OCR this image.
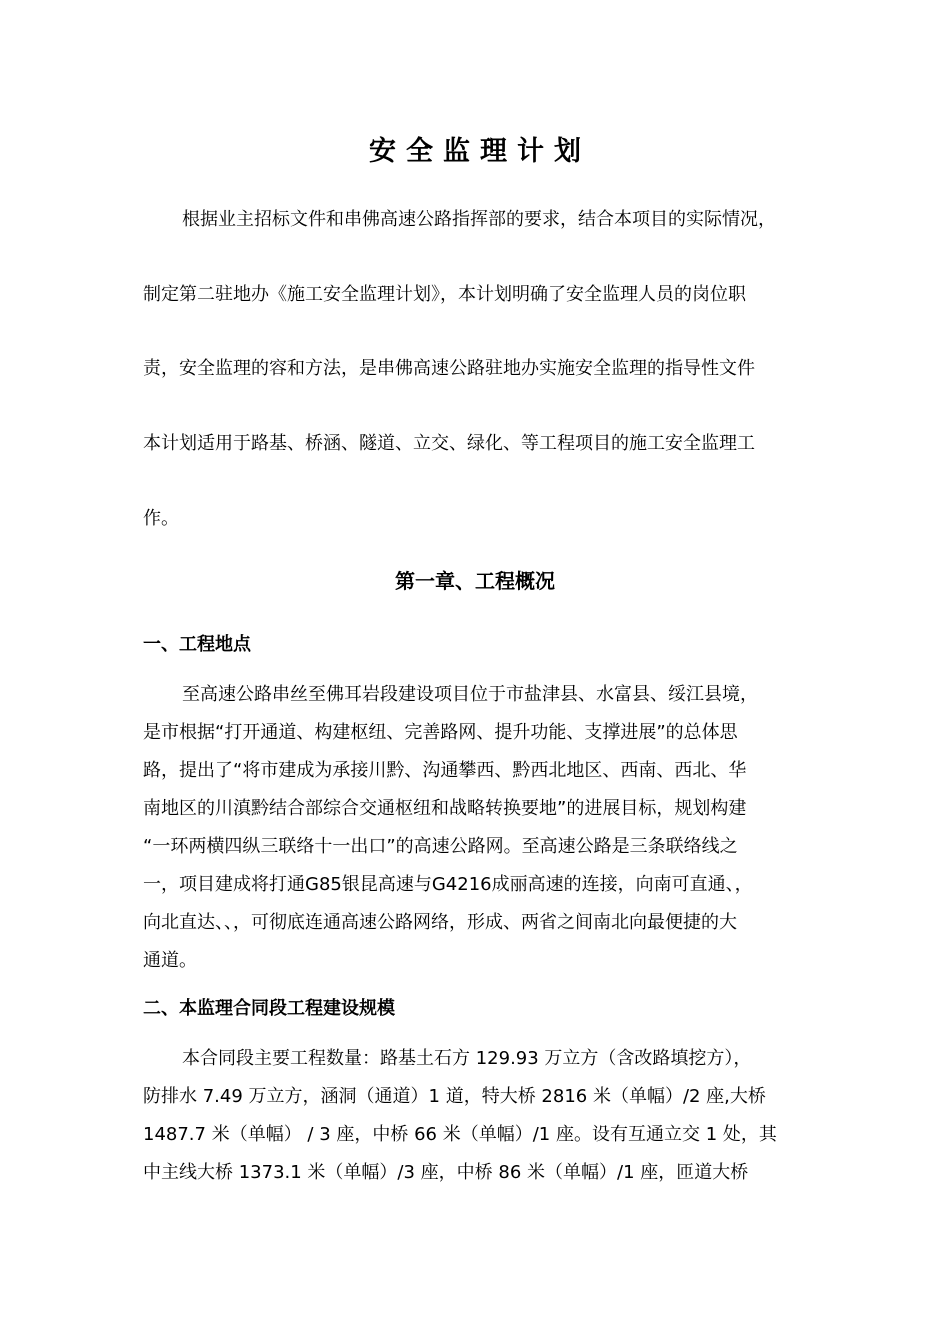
安全监理计划

根据业主招标文件和串佛高速公路指挥部的要求，结合本项目的实际情况，

制定第二驻地办《施工安全监理计划》，本计划明确了安全监理人员的岗位职

责，安全监理的容和方法，是串佛高速公路驻地办实施安全监理的指导性文件

本计划适用于路基、桥涵、隧道、立交、绿化、等工程项目的施工安全监理工

作。

第一章、工程概况
一、工程地点

至高速公路串丝至佛耳岩段建设项目位于市盐津县、水富县、绥江县境，

是市根据“打开通道、构建枢纽、完善路网、提升功能、支撑进展”的总体思

路，提出了“将市建成为承接川黔、沟通攀西、黔西北地区、西南、西北、华

南地区的川滇黔结合部综合交通枢纽和战略转换要地”的进展目标，规划构建

“一环两横四纵三联络十一出口”的高速公路网。至高速公路是三条联络线之

一，项目建成将打通G85银昆高速与G4216成丽高速的连接，向南可直通、，

向北直达、、，可彻底连通高速公路网络，形成、两省之间南北向最便捷的大

通道。

二、本监理合同段工程建设规模

本合同段主要工程数量：路基土石方 129.93 万立方（含改路填挖方），

防排水 7.49 万立方，涵洞（通道）1 道，特大桥 2816 米（单幅）/2 座,大桥

1487.7 米（单幅） / 3 座，中桥 66 米（单幅）/1 座。设有互通立交 1 处，其

中主线大桥 1373.1 米（单幅）/3 座，中桥 86 米（单幅）/1 座，匝道大桥
